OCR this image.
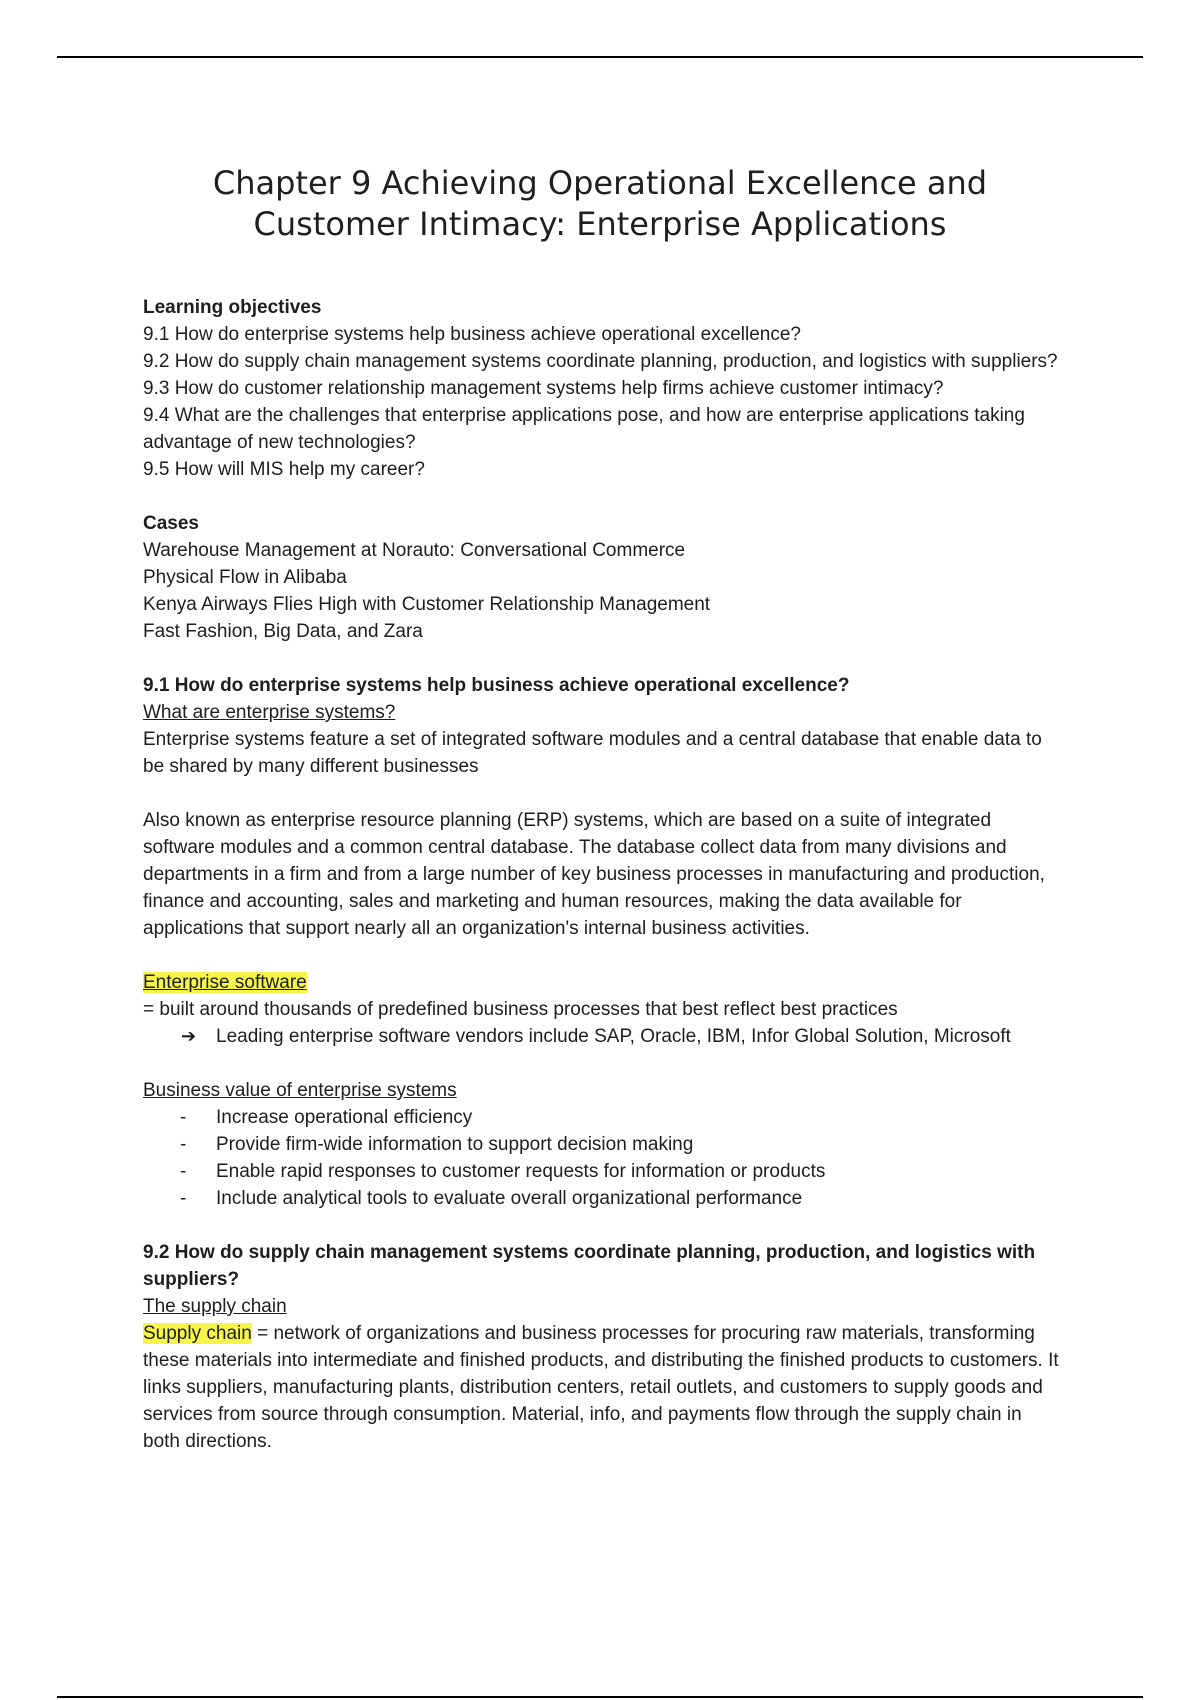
Chapter 9 Achieving Operational Excellence and
Customer Intimacy: Enterprise Applications

Learning objectives

9.1 How do enterprise systems help business achieve operational excellence?

9.2 How do supply chain management systems coordinate planning, production, and logistics with suppliers?

9.3 How do customer relationship management systems help firms achieve customer intimacy?

9.4 What are the challenges that enterprise applications pose, and how are enterprise applications taking advantage of new technologies?

9.5 How will MIS help my career?

Cases

Warehouse Management at Norauto: Conversational Commerce

Physical Flow in Alibaba

Kenya Airways Flies High with Customer Relationship Management

Fast Fashion, Big Data, and Zara

9.1 How do enterprise systems help business achieve operational excellence?

What are enterprise systems?

Enterprise systems feature a set of integrated software modules and a central database that enable data to be shared by many different businesses

Also known as enterprise resource planning (ERP) systems, which are based on a suite of integrated software modules and a common central database. The database collect data from many divisions and departments in a firm and from a large number of key business processes in manufacturing and production, finance and accounting, sales and marketing and human resources, making the data available for applications that support nearly all an organization's internal business activities.

Enterprise software

= built around thousands of predefined business processes that best reflect best practices

➔ Leading enterprise software vendors include SAP, Oracle, IBM, Infor Global Solution, Microsoft

Business value of enterprise systems

- Increase operational efficiency
- Provide firm-wide information to support decision making
- Enable rapid responses to customer requests for information or products
- Include analytical tools to evaluate overall organizational performance

9.2 How do supply chain management systems coordinate planning, production, and logistics with suppliers?

The supply chain

Supply chain = network of organizations and business processes for procuring raw materials, transforming these materials into intermediate and finished products, and distributing the finished products to customers. It links suppliers, manufacturing plants, distribution centers, retail outlets, and customers to supply goods and services from source through consumption. Material, info, and payments flow through the supply chain in both directions.
